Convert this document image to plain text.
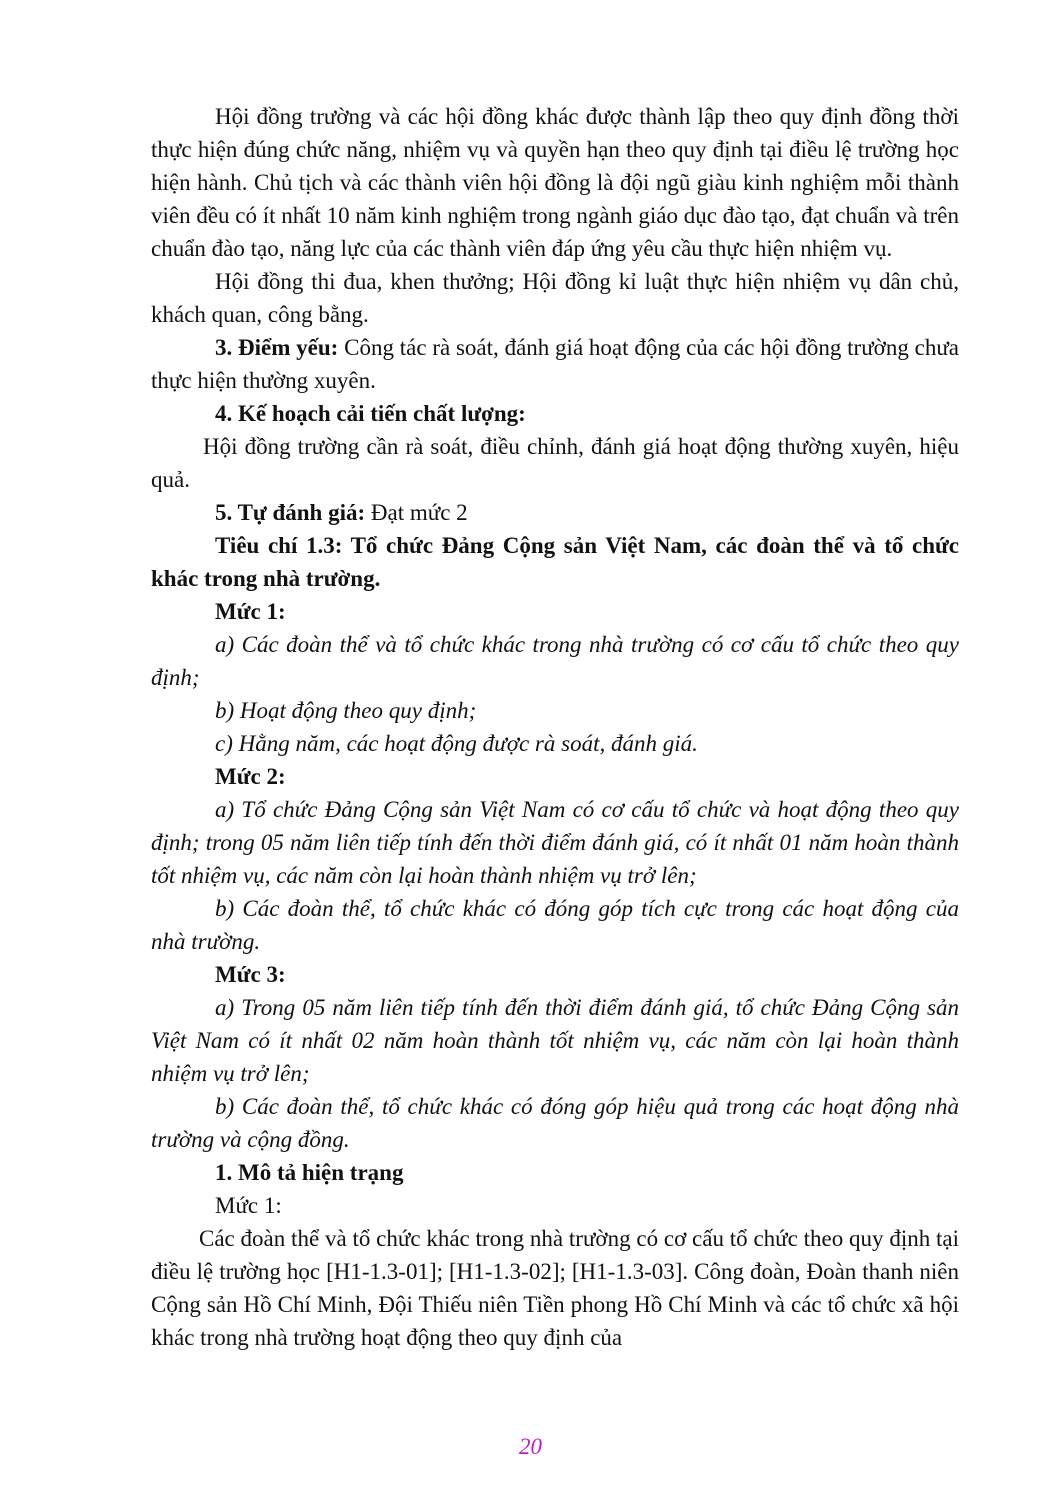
Hội đồng trường và các hội đồng khác được thành lập theo quy định đồng thời thực hiện đúng chức năng, nhiệm vụ và quyền hạn theo quy định tại điều lệ trường học hiện hành. Chủ tịch và các thành viên hội đồng là đội ngũ giàu kinh nghiệm mỗi thành viên đều có ít nhất 10 năm kinh nghiệm trong ngành giáo dục đào tạo, đạt chuẩn và trên chuẩn đào tạo, năng lực của các thành viên đáp ứng yêu cầu thực hiện nhiệm vụ.

Hội đồng thi đua, khen thưởng; Hội đồng kỉ luật thực hiện nhiệm vụ dân chủ, khách quan, công bằng.

3. Điểm yếu: Công tác rà soát, đánh giá hoạt động của các hội đồng trường chưa thực hiện thường xuyên.

4. Kế hoạch cải tiến chất lượng:

Hội đồng trường cần rà soát, điều chỉnh, đánh giá hoạt động thường xuyên, hiệu quả.

5. Tự đánh giá: Đạt mức 2

Tiêu chí 1.3: Tổ chức Đảng Cộng sản Việt Nam, các đoàn thể và tổ chức khác trong nhà trường.

Mức 1:

a) Các đoàn thể và tổ chức khác trong nhà trường có cơ cấu tổ chức theo quy định;

b) Hoạt động theo quy định;

c) Hằng năm, các hoạt động được rà soát, đánh giá.

Mức 2:

a) Tổ chức Đảng Cộng sản Việt Nam có cơ cấu tổ chức và hoạt động theo quy định; trong 05 năm liên tiếp tính đến thời điểm đánh giá, có ít nhất 01 năm hoàn thành tốt nhiệm vụ, các năm còn lại hoàn thành nhiệm vụ trở lên;

b) Các đoàn thể, tổ chức khác có đóng góp tích cực trong các hoạt động của nhà trường.

Mức 3:

a) Trong 05 năm liên tiếp tính đến thời điểm đánh giá, tổ chức Đảng Cộng sản Việt Nam có ít nhất 02 năm hoàn thành tốt nhiệm vụ, các năm còn lại hoàn thành nhiệm vụ trở lên;

b) Các đoàn thể, tổ chức khác có đóng góp hiệu quả trong các hoạt động nhà trường và cộng đồng.

1. Mô tả hiện trạng

Mức 1:

Các đoàn thể và tổ chức khác trong nhà trường có cơ cấu tổ chức theo quy định tại điều lệ trường học [H1-1.3-01]; [H1-1.3-02]; [H1-1.3-03]. Công đoàn, Đoàn thanh niên Cộng sản Hồ Chí Minh, Đội Thiếu niên Tiền phong Hồ Chí Minh và các tổ chức xã hội khác trong nhà trường hoạt động theo quy định của

20
